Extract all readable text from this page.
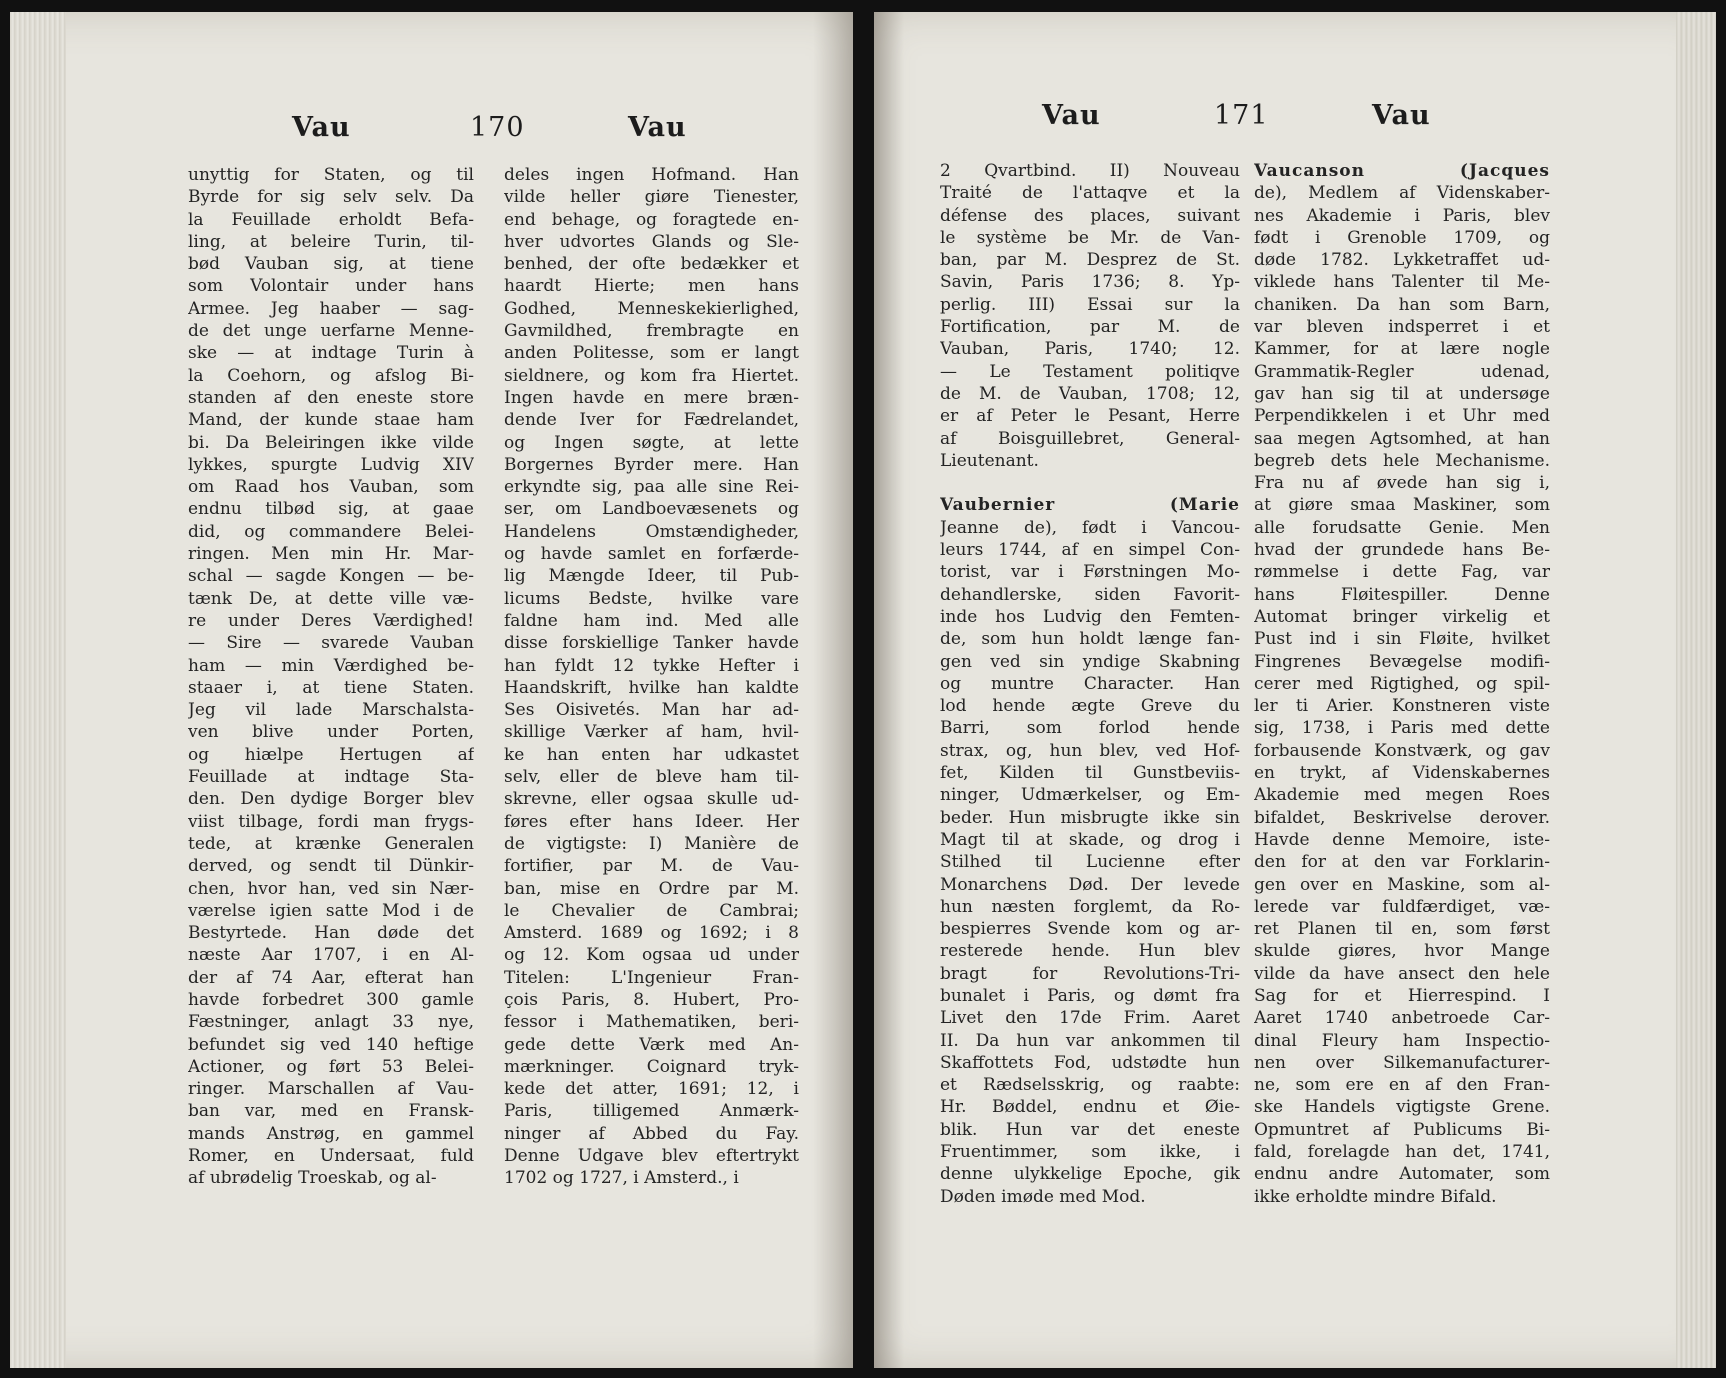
Vau	170	Vau
unyttig for Staten, og til
Byrde for sig selv selv. Da
la Feuillade erholdt Befa-
ling, at beleire Turin, til-
bød Vauban sig, at tiene
som Volontair under hans
Armee. Jeg haaber — sag-
de det unge uerfarne Menne-
ske — at indtage Turin à
la Coehorn, og afslog Bi-
standen af den eneste store
Mand, der kunde staae ham
bi. Da Beleiringen ikke vilde
lykkes, spurgte Ludvig XIV
om Raad hos Vauban, som
endnu tilbød sig, at gaae
did, og commandere Belei-
ringen. Men min Hr. Mar-
schal — sagde Kongen — be-
tænk De, at dette ville væ-
re under Deres Værdighed!
— Sire — svarede Vauban
ham — min Værdighed be-
staaer i, at tiene Staten.
Jeg vil lade Marschalsta-
ven blive under Porten,
og hiælpe Hertugen af
Feuillade at indtage Sta-
den. Den dydige Borger blev
viist tilbage, fordi man frygs-
tede, at krænke Generalen
derved, og sendt til Dünkir-
chen, hvor han, ved sin Nær-
værelse igien satte Mod i de
Bestyrtede. Han døde det
næste Aar 1707, i en Al-
der af 74 Aar, efterat han
havde forbedret 300 gamle
Fæstninger, anlagt 33 nye,
befundet sig ved 140 heftige
Actioner, og ført 53 Belei-
ringer. Marschallen af Vau-
ban var, med en Fransk-
mands Anstrøg, en gammel
Romer, en Undersaat, fuld
af ubrødelig Troeskab, og al-
deles ingen Hofmand. Han
vilde heller giøre Tienester,
end behage, og foragtede en-
hver udvortes Glands og Sle-
benhed, der ofte bedækker et
haardt Hierte; men hans
Godhed, Menneskekierlighed,
Gavmildhed, frembragte en
anden Politesse, som er langt
sieldnere, og kom fra Hiertet.
Ingen havde en mere bræn-
dende Iver for Fædrelandet,
og Ingen søgte, at lette
Borgernes Byrder mere. Han
erkyndte sig, paa alle sine Rei-
ser, om Landboevæsenets og
Handelens Omstændigheder,
og havde samlet en forfærde-
lig Mængde Ideer, til Pub-
licums Bedste, hvilke vare
faldne ham ind. Med alle
disse forskiellige Tanker havde
han fyldt 12 tykke Hefter i
Haandskrift, hvilke han kaldte
Ses Oisivetés. Man har ad-
skillige Værker af ham, hvil-
ke han enten har udkastet
selv, eller de bleve ham til-
skrevne, eller ogsaa skulle ud-
føres efter hans Ideer. Her
de vigtigste: I) Manière de
fortifier, par M. de Vau-
ban, mise en Ordre par M.
le Chevalier de Cambrai;
Amsterd. 1689 og 1692; i 8
og 12. Kom ogsaa ud under
Titelen: L'Ingenieur Fran-
çois Paris, 8. Hubert, Pro-
fessor i Mathematiken, beri-
gede dette Værk med An-
mærkninger. Coignard tryk-
kede det atter, 1691; 12, i
Paris, tilligemed Anmærk-
ninger af Abbed du Fay.
Denne Udgave blev eftertrykt
1702 og 1727, i Amsterd., i
Vau	171	Vau
2 Qvartbind. II) Nouveau
Traité de l'attaqve et la
défense des places, suivant
le système be Mr. de Van-
ban, par M. Desprez de St.
Savin, Paris 1736; 8. Yp-
perlig. III) Essai sur la
Fortification, par M. de
Vauban, Paris, 1740; 12.
— Le Testament politiqve
de M. de Vauban, 1708; 12,
er af Peter le Pesant, Herre
af Boisguillebret, General-
Lieutenant.

Vaubernier (Marie
Jeanne de), født i Vancou-
leurs 1744, af en simpel Con-
torist, var i Førstningen Mo-
dehandlerske, siden Favorit-
inde hos Ludvig den Femten-
de, som hun holdt længe fan-
gen ved sin yndige Skabning
og muntre Character. Han
lod hende ægte Greve du
Barri, som forlod hende
strax, og, hun blev, ved Hof-
fet, Kilden til Gunstbeviis-
ninger, Udmærkelser, og Em-
beder. Hun misbrugte ikke sin
Magt til at skade, og drog i
Stilhed til Lucienne efter
Monarchens Død. Der levede
hun næsten forglemt, da Ro-
bespierres Svende kom og ar-
resterede hende. Hun blev
bragt for Revolutions-Tri-
bunalet i Paris, og dømt fra
Livet den 17de Frim. Aaret
II. Da hun var ankommen til
Skaffottets Fod, udstødte hun
et Rædselsskrig, og raabte:
Hr. Bøddel, endnu et Øie-
blik. Hun var det eneste
Fruentimmer, som ikke, i
denne ulykkelige Epoche, gik
Døden imøde med Mod.
Vaucanson (Jacques
de), Medlem af Videnskaber-
nes Akademie i Paris, blev
født i Grenoble 1709, og
døde 1782. Lykketraffet ud-
viklede hans Talenter til Me-
chaniken. Da han som Barn,
var bleven indsperret i et
Kammer, for at lære nogle
Grammatik-Regler udenad,
gav han sig til at undersøge
Perpendikkelen i et Uhr med
saa megen Agtsomhed, at han
begreb dets hele Mechanisme.
Fra nu af øvede han sig i,
at giøre smaa Maskiner, som
alle forudsatte Genie. Men
hvad der grundede hans Be-
rømmelse i dette Fag, var
hans Fløitespiller. Denne
Automat bringer virkelig et
Pust ind i sin Fløite, hvilket
Fingrenes Bevægelse modifi-
cerer med Rigtighed, og spil-
ler ti Arier. Konstneren viste
sig, 1738, i Paris med dette
forbausende Konstværk, og gav
en trykt, af Videnskabernes
Akademie med megen Roes
bifaldet, Beskrivelse derover.
Havde denne Memoire, iste-
den for at den var Forklarin-
gen over en Maskine, som al-
lerede var fuldfærdiget, væ-
ret Planen til en, som først
skulde giøres, hvor Mange
vilde da have ansect den hele
Sag for et Hierrespind. I
Aaret 1740 anbetroede Car-
dinal Fleury ham Inspectio-
nen over Silkemanufacturer-
ne, som ere en af den Fran-
ske Handels vigtigste Grene.
Opmuntret af Publicums Bi-
fald, forelagde han det, 1741,
endnu andre Automater, som
ikke erholdte mindre Bifald.
